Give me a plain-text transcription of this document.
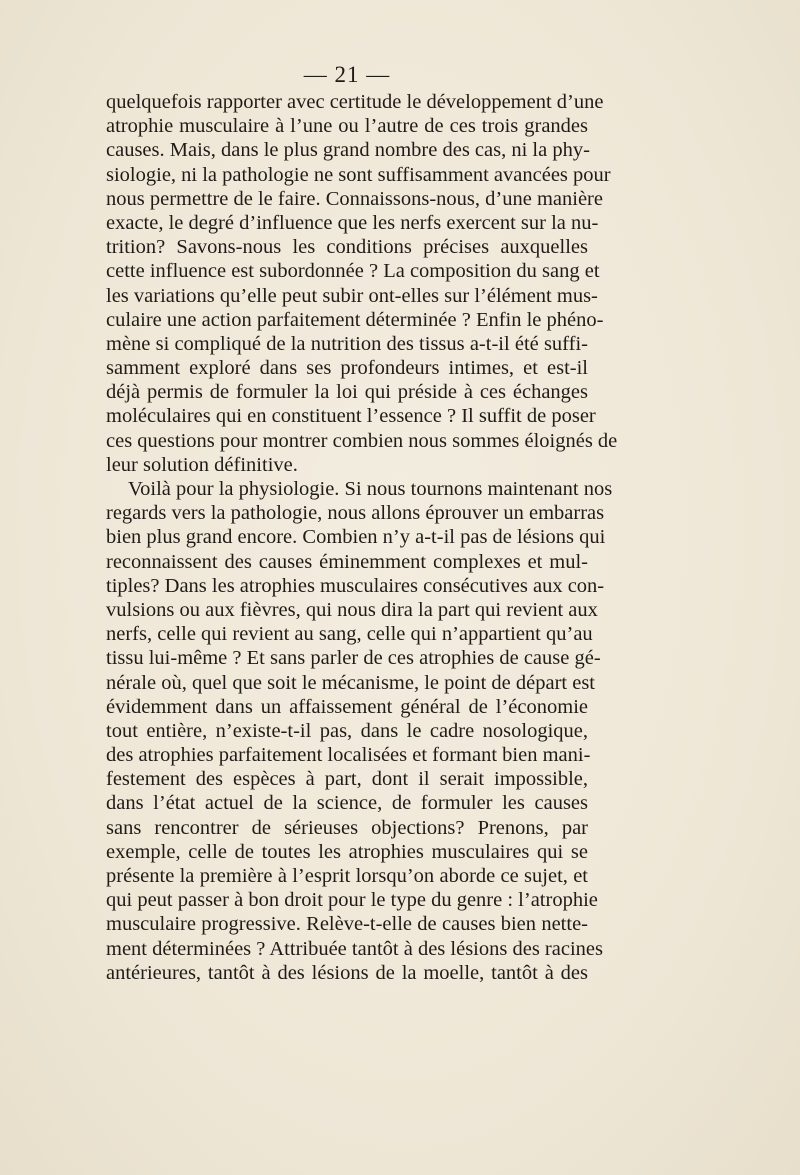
— 21 —
quelquefois rapporter avec certitude le développement d’une
atrophie musculaire à l’une ou l’autre de ces trois grandes
causes. Mais, dans le plus grand nombre des cas, ni la phy-
siologie, ni la pathologie ne sont suffisamment avancées pour
nous permettre de le faire. Connaissons-nous, d’une manière
exacte, le degré d’influence que les nerfs exercent sur la nu-
trition? Savons-nous les conditions précises auxquelles
cette influence est subordonnée ? La composition du sang et
les variations qu’elle peut subir ont-elles sur l’élément mus-
culaire une action parfaitement déterminée ? Enfin le phéno-
mène si compliqué de la nutrition des tissus a-t-il été suffi-
samment exploré dans ses profondeurs intimes, et est-il
déjà permis de formuler la loi qui préside à ces échanges
moléculaires qui en constituent l’essence ? Il suffit de poser
ces questions pour montrer combien nous sommes éloignés de
leur solution définitive.
Voilà pour la physiologie. Si nous tournons maintenant nos
regards vers la pathologie, nous allons éprouver un embarras
bien plus grand encore. Combien n’y a-t-il pas de lésions qui
reconnaissent des causes éminemment complexes et mul-
tiples? Dans les atrophies musculaires consécutives aux con-
vulsions ou aux fièvres, qui nous dira la part qui revient aux
nerfs, celle qui revient au sang, celle qui n’appartient qu’au
tissu lui-même ? Et sans parler de ces atrophies de cause gé-
nérale où, quel que soit le mécanisme, le point de départ est
évidemment dans un affaissement général de l’économie
tout entière, n’existe-t-il pas, dans le cadre nosologique,
des atrophies parfaitement localisées et formant bien mani-
festement des espèces à part, dont il serait impossible,
dans l’état actuel de la science, de formuler les causes
sans rencontrer de sérieuses objections? Prenons, par
exemple, celle de toutes les atrophies musculaires qui se
présente la première à l’esprit lorsqu’on aborde ce sujet, et
qui peut passer à bon droit pour le type du genre : l’atrophie
musculaire progressive. Relève-t-elle de causes bien nette-
ment déterminées ? Attribuée tantôt à des lésions des racines
antérieures, tantôt à des lésions de la moelle, tantôt à des
